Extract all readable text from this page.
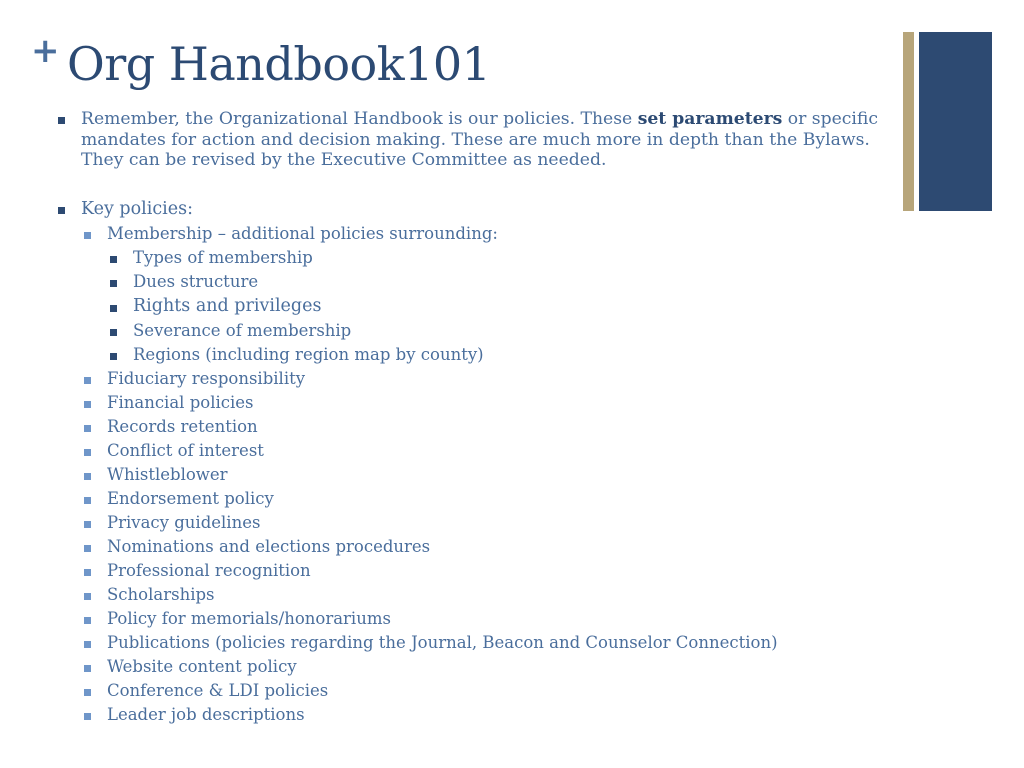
+ Org Handbook101

Remember, the Organizational Handbook is our policies. These set parameters or specific mandates for action and decision making. These are much more in depth than the Bylaws. They can be revised by the Executive Committee as needed.

Key policies:
Membership – additional policies surrounding:
Types of membership
Dues structure
Rights and privileges
Severance of membership
Regions (including region map by county)
Fiduciary responsibility
Financial policies
Records retention
Conflict of interest
Whistleblower
Endorsement policy
Privacy guidelines
Nominations and elections procedures
Professional recognition
Scholarships
Policy for memorials/honorariums
Publications (policies regarding the Journal, Beacon and Counselor Connection)
Website content policy
Conference & LDI policies
Leader job descriptions
